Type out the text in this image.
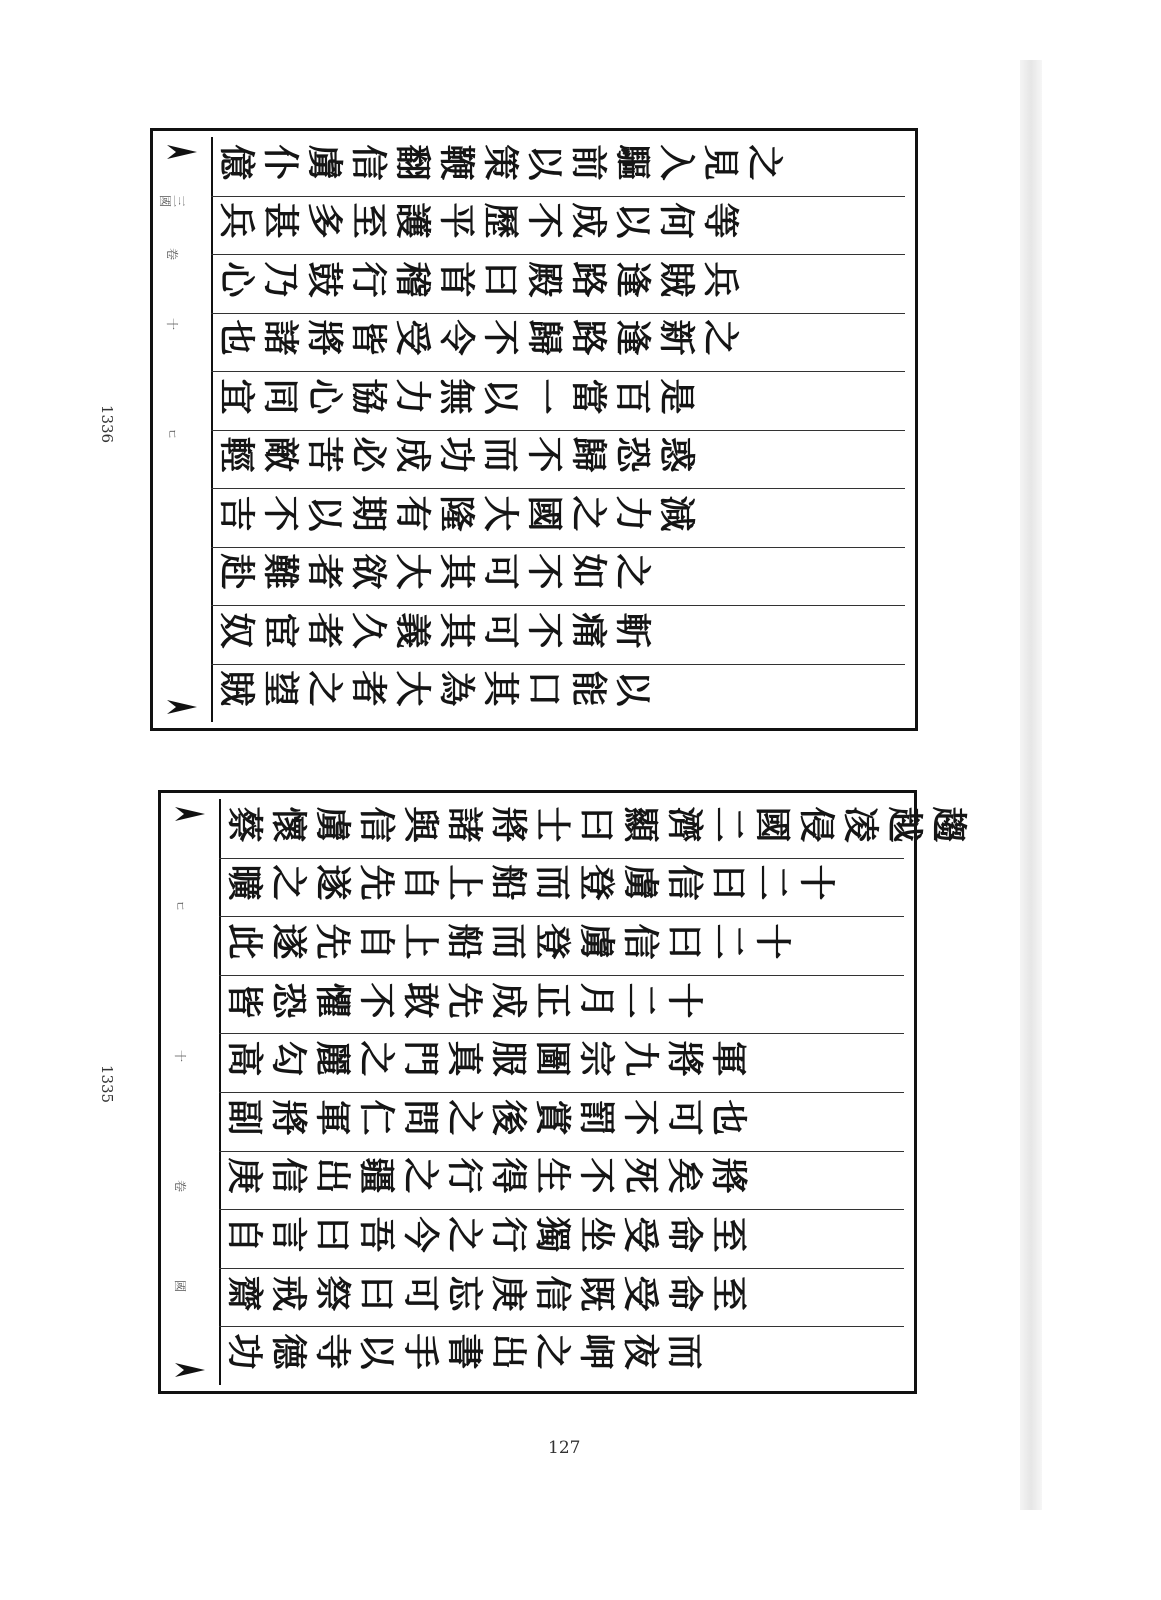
1336
1335
127
三國
卷
十
ㄷ
億 仆 虜 信 翻 鞭 策 以 前 驅 入 見 之
兵 甚 多 至 護 平 歷 不 成 以 何 等
心 乃 鼓 行 稽 首 曰 殿 路 逢 賊 兵
也 諸 將 皆 受 令 不 歸 路 逢 新 之
宜 同 心 協 力 無 以 一 當 百 是
輕 敵 苦 必 成 功 而 不 歸 恐 惑
吉 不 以 期 有 隆 大 國 之 力 減
赴 難 者 欲 大 其 可 不 如 之
奴 宦 者 久 義 其 可 不 痛 斬
賊 望 之 者 大 為 其 口 能 以
ㄷ
十
卷
國
蔡 懷 虜 信 與 諸 將 士 曰 顯 濟 二 國 侵 凌 越 趨
曠 之 遂 先 自 上 船 而 登 虜 信 曰 二 十
此 遂 先 自 上 船 而 登 虜 信 曰 二 十
皆 恐 懼 不 敢 先 成 正 月 二 十
高 勾 麗 之 門 真 服 圖 宗 九 將 軍
副 將 軍 仁 問 之 後 賞 罰 不 可 也
庚 信 出 疆 之 行 得 生 不 死 矣 將
自 言 曰 吾 今 之 行 獨 坐 受 命 至
齋 戒 祭 曰 可 忘 庚 信 既 受 命 至
功 德 寺 以 手 書 出 之 岬 夜 而
